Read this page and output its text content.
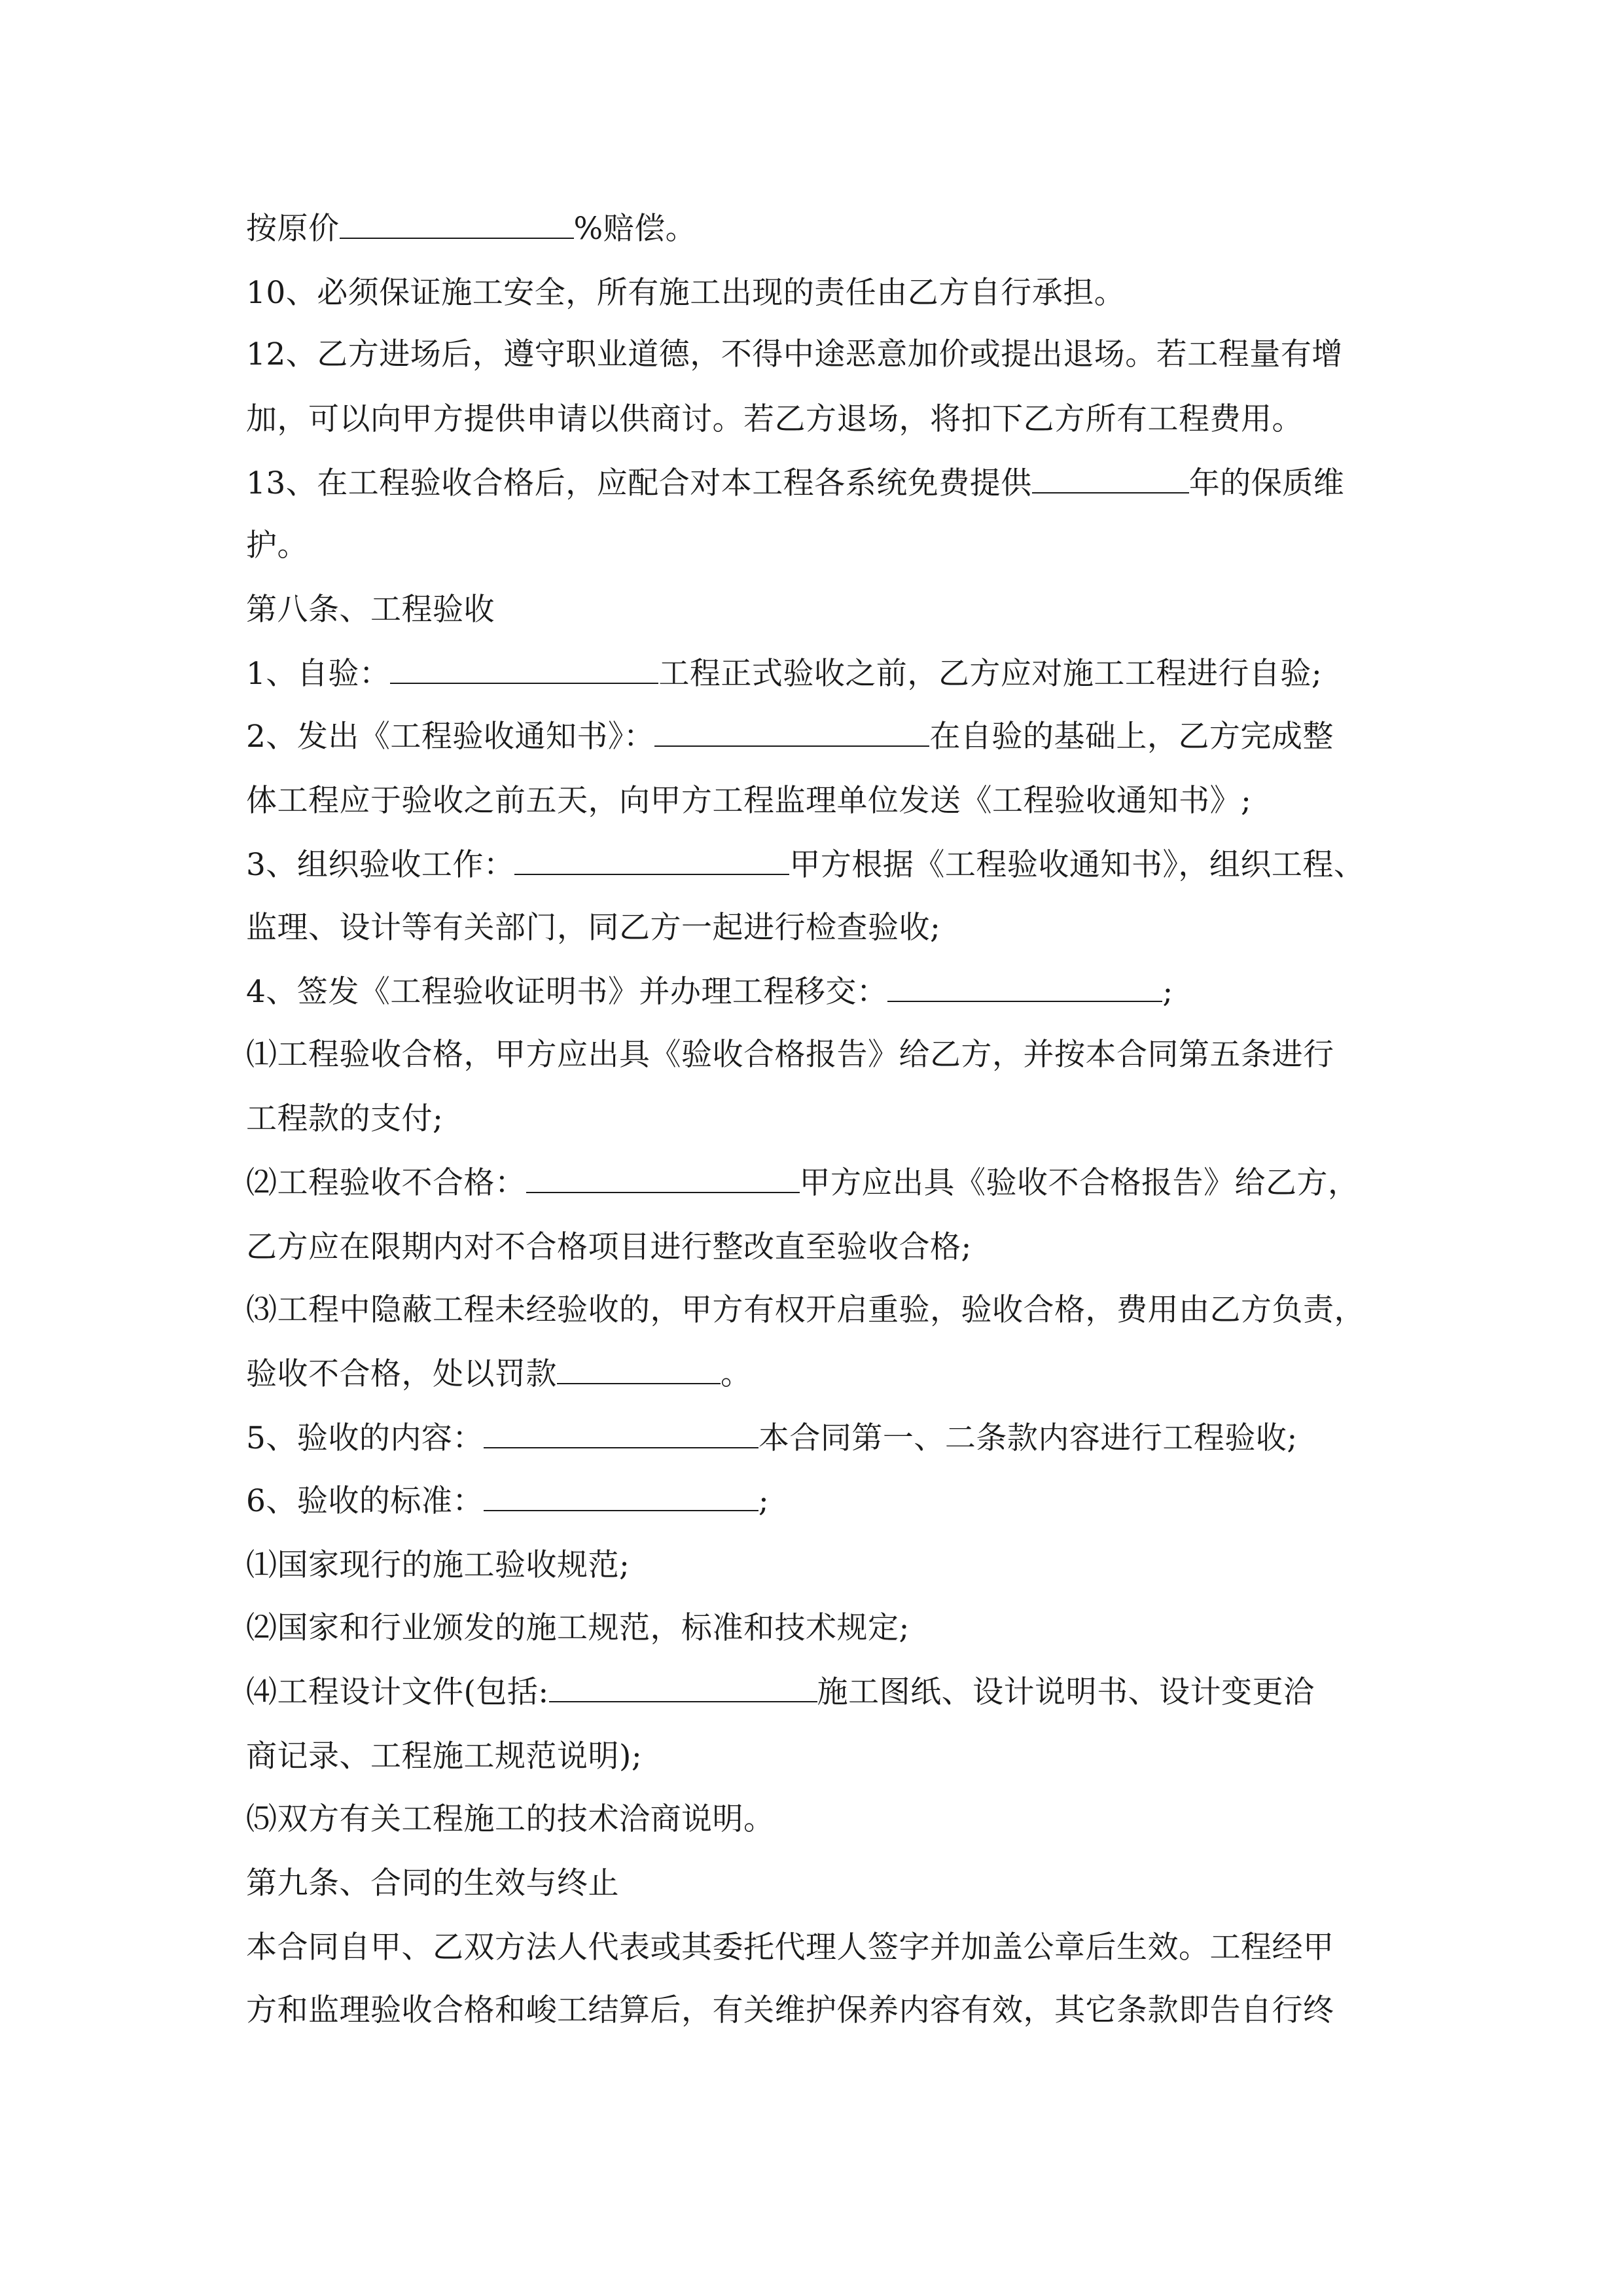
按原价	%赔偿。
10、必须保证施工安全，所有施工出现的责任由乙方自行承担。
12、乙方进场后，遵守职业道德，不得中途恶意加价或提出退场。若工程量有增
加，可以向甲方提供申请以供商讨。若乙方退场，将扣下乙方所有工程费用。
13、在工程验收合格后，应配合对本工程各系统免费提供	年的保质维
护。
第八条、工程验收
1、自验：	工程正式验收之前，乙方应对施工工程进行自验;
2、发出《工程验收通知书》：	在自验的基础上，乙方完成整
体工程应于验收之前五天，向甲方工程监理单位发送《工程验收通知书》;
3、组织验收工作：	甲方根据《工程验收通知书》，组织工程、
监理、设计等有关部门，同乙方一起进行检查验收;
4、签发《工程验收证明书》并办理工程移交：	;
⑴工程验收合格，甲方应出具《验收合格报告》给乙方，并按本合同第五条进行
工程款的支付;
⑵工程验收不合格：	甲方应出具《验收不合格报告》给乙方，
乙方应在限期内对不合格项目进行整改直至验收合格;
⑶工程中隐蔽工程未经验收的，甲方有权开启重验，验收合格，费用由乙方负责，
验收不合格，处以罚款	。
5、验收的内容：	本合同第一、二条款内容进行工程验收;
6、验收的标准：	;
⑴国家现行的施工验收规范;
⑵国家和行业颁发的施工规范，标准和技术规定;
⑷工程设计文件(包括:	施工图纸、设计说明书、设计变更洽
商记录、工程施工规范说明);
⑸双方有关工程施工的技术洽商说明。
第九条、合同的生效与终止
本合同自甲、乙双方法人代表或其委托代理人签字并加盖公章后生效。工程经甲
方和监理验收合格和峻工结算后，有关维护保养内容有效，其它条款即告自行终
